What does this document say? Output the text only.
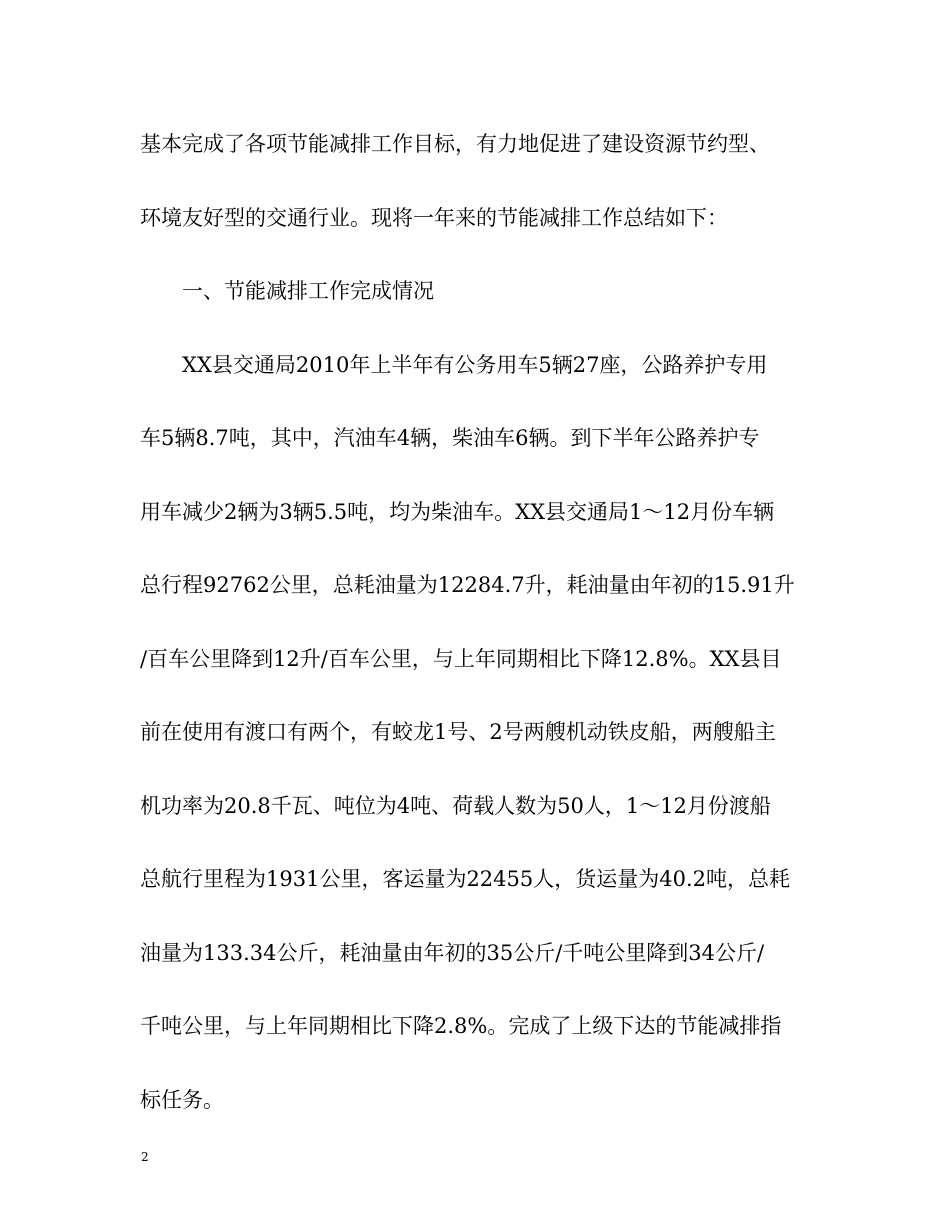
基本完成了各项节能减排工作目标，有力地促进了建设资源节约型、
环境友好型的交通行业。现将一年来的节能减排工作总结如下：
一、节能减排工作完成情况
XX县交通局2010年上半年有公务用车5辆27座，公路养护专用
车5辆8.7吨，其中，汽油车4辆，柴油车6辆。到下半年公路养护专
用车减少2辆为3辆5.5吨，均为柴油车。XX县交通局1～12月份车辆
总行程92762公里，总耗油量为12284.7升，耗油量由年初的15.91升
/百车公里降到12升/百车公里，与上年同期相比下降12.8%。XX县目
前在使用有渡口有两个，有蛟龙1号、2号两艘机动铁皮船，两艘船主
机功率为20.8千瓦、吨位为4吨、荷载人数为50人，1～12月份渡船
总航行里程为1931公里，客运量为22455人，货运量为40.2吨，总耗
油量为133.34公斤，耗油量由年初的35公斤/千吨公里降到34公斤/
千吨公里，与上年同期相比下降2.8%。完成了上级下达的节能减排指
标任务。
2
